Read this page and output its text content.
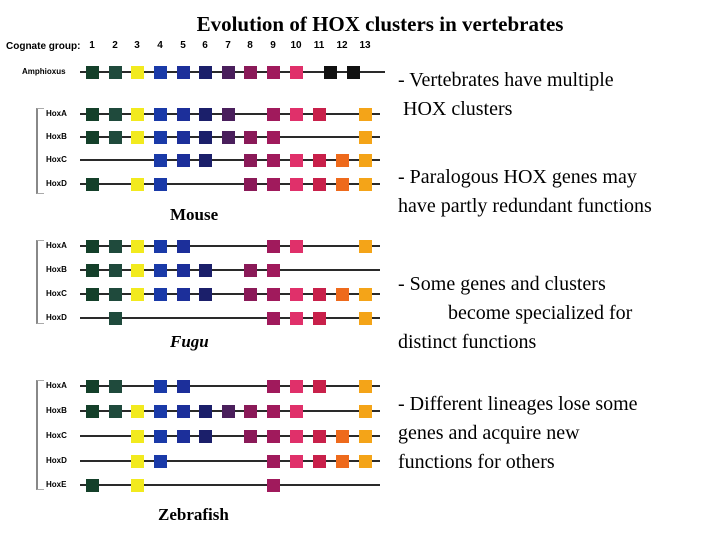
Evolution of HOX clusters in vertebrates
Cognate group: 1	2	3	4	5	6	7	8	9	10	11	12	13
Amphioxus
HoxA
HoxB
HoxC
HoxD
Mouse
HoxA
HoxB
HoxC
HoxD
Fugu
HoxA
HoxB
HoxC
HoxD
HoxE
Zebrafish
- Vertebrates have multiple
HOX clusters
- Paralogous HOX genes may
have partly redundant functions
- Some genes and clusters
become specialized for
distinct functions
- Different lineages lose some
genes and acquire new
functions for others
